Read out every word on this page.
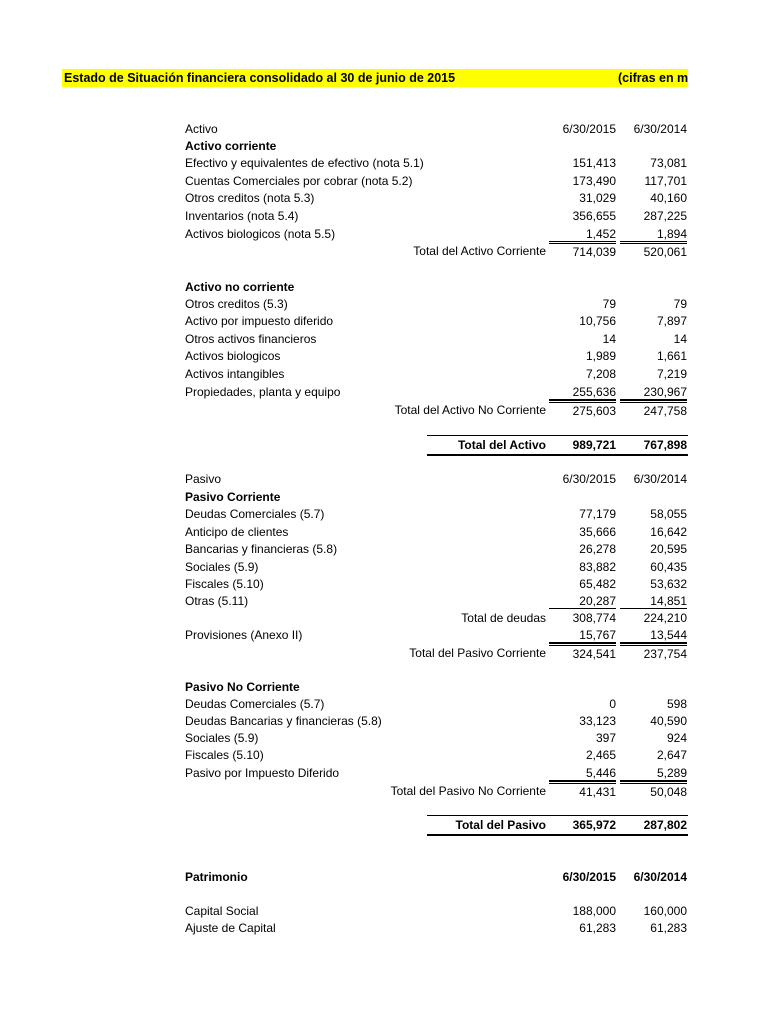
Estado de Situación financiera consolidado al 30 de junio de 2015	(cifras en m
Activo	6/30/2015	6/30/2014
Activo corriente
Efectivo y equivalentes de efectivo (nota 5.1)	151,413	73,081
Cuentas Comerciales por cobrar (nota 5.2)	173,490	117,701
Otros creditos (nota 5.3)	31,029	40,160
Inventarios (nota 5.4)	356,655	287,225
Activos biologicos (nota 5.5)	1,452	1,894
Total del Activo Corriente	714,039	520,061
Activo no corriente
Otros creditos (5.3)	79	79
Activo por impuesto diferido	10,756	7,897
Otros activos financieros	14	14
Activos biologicos	1,989	1,661
Activos intangibles	7,208	7,219
Propiedades, planta y equipo	255,636	230,967
Total del Activo No Corriente	275,603	247,758
Total del Activo	989,721	767,898
Pasivo	6/30/2015	6/30/2014
Pasivo Corriente
Deudas Comerciales (5.7)	77,179	58,055
Anticipo de clientes	35,666	16,642
Bancarias y financieras (5.8)	26,278	20,595
Sociales (5.9)	83,882	60,435
Fiscales (5.10)	65,482	53,632
Otras (5.11)	20,287	14,851
Total de deudas	308,774	224,210
Provisiones (Anexo II)	15,767	13,544
Total del Pasivo Corriente	324,541	237,754
Pasivo No Corriente
Deudas Comerciales (5.7)	0	598
Deudas Bancarias y financieras (5.8)	33,123	40,590
Sociales (5.9)	397	924
Fiscales (5.10)	2,465	2,647
Pasivo por Impuesto Diferido	5,446	5,289
Total del Pasivo No Corriente	41,431	50,048
Total del Pasivo	365,972	287,802
Patrimonio	6/30/2015	6/30/2014
Capital Social	188,000	160,000
Ajuste de Capital	61,283	61,283
